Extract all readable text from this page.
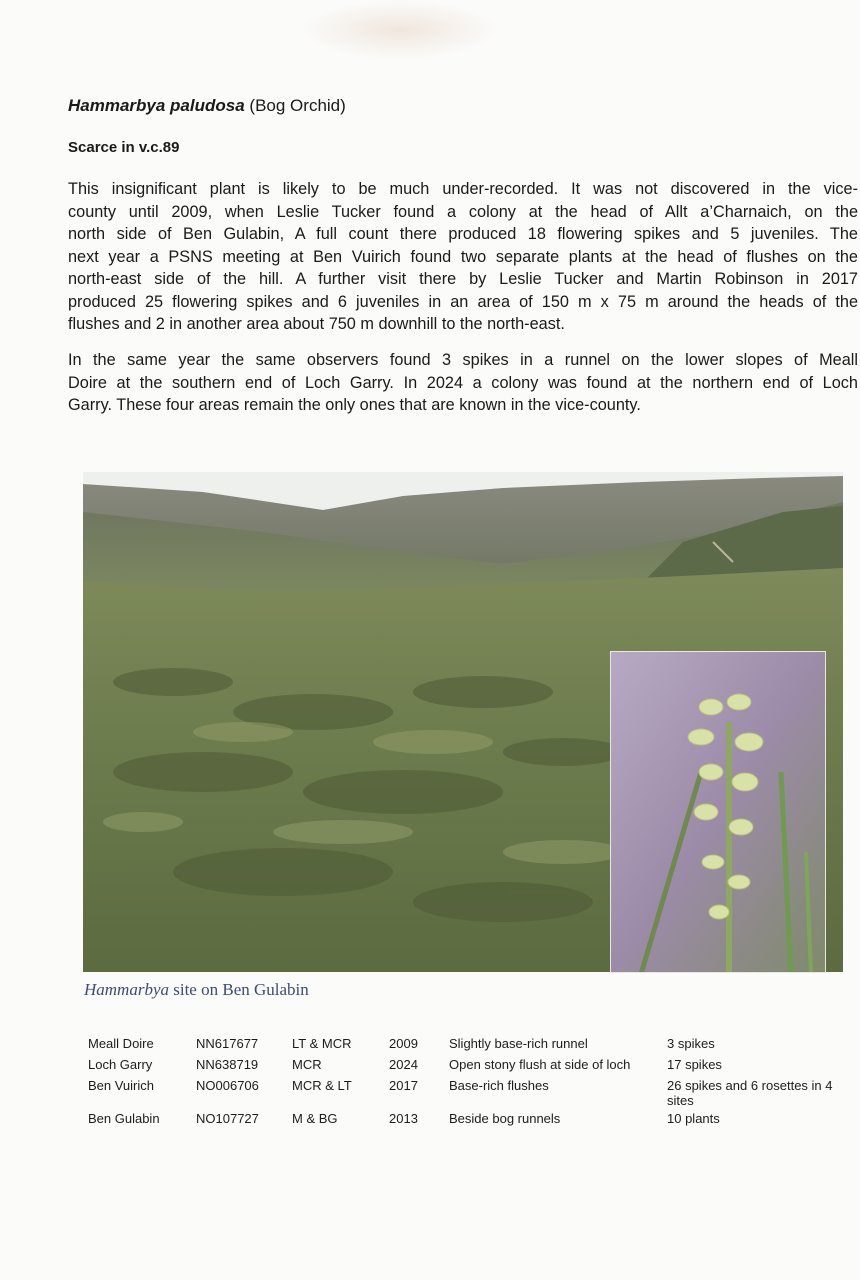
Hammarbya paludosa (Bog Orchid)
Scarce in v.c.89

This insignificant plant is likely to be much under-recorded. It was not discovered in the vice-
county until 2009, when Leslie Tucker found a colony at the head of Allt a’Charnaich, on the
north side of Ben Gulabin, A full count there produced 18 flowering spikes and 5 juveniles. The
next year a PSNS meeting at Ben Vuirich found two separate plants at the head of flushes on the
north-east side of the hill. A further visit there by Leslie Tucker and Martin Robinson in 2017
produced 25 flowering spikes and 6 juveniles in an area of 150 m x 75 m around the heads of the
flushes and 2 in another area about 750 m downhill to the north-east.

In the same year the same observers found 3 spikes in a runnel on the lower slopes of Meall
Doire at the southern end of Loch Garry. In 2024 a colony was found at the northern end of Loch
Garry. These four areas remain the only ones that are known in the vice-county.

Hammarbya site on Ben Gulabin
Meall Doire	NN617677	LT & MCR	2009 Slightly base-rich runnel	3 spikes
Loch Garry	NN638719	MCR	2024 Open stony flush at side of loch	17 spikes
Ben Vuirich	NO006706	MCR & LT	2017 Base-rich flushes	26 spikes and 6 rosettes in 4
sites
Ben Gulabin	NO107727	M & BG	2013 Beside bog runnels	10 plants
